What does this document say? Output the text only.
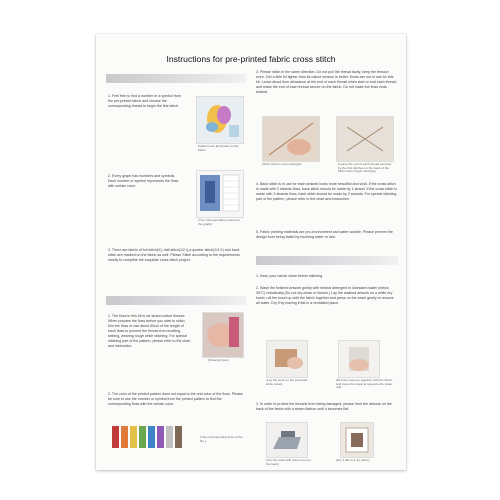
Instructions for pre-printed fabric cross stitch
1. Feel free to find a number or a symbol from the pre-printed fabric and choose the corresponding thread to begin the first stitch.
Patterns are all printed on the fabric
2. Every graph has numbers and symbols. Each number or symbol represents the floss with certain color.
(The corresponding symbol on the graph)
3. There are labels of full stitch(X), half stitch(1/2 /),a quarter stitch(1/4 X) and back stitch are marked on the fabric as well. Please Stitch according to the requirements strictly to complete the exquisite cross stitch project.
1. The floss in this kit is six strand cotton flosses. When prepare the floss before you start to stitch, fold the floss or use about 50cm of the length of each floss to prevent the thread from knotting, twining, wearing rough while stitching. For special stitching part of the pattern, please refer to the chart and instruction.
(Drawing floss)
2. The color of the printed pattern does not equal to the real color of the floss. Please be sure to use the number or symbol from the printed pattern to find the corresponding floss with the certain color.
(The corresponding floss of the No.)
3. Please stitch in the same direction. Do not pull the thread tautly, keep the tension even. Get a little bit tighter than its nature tension is better. Knots are not in use for this kit. Leave about 5cm allowance at the end of each thread when start or end each thread, and make the end of each thread secure on the fabric. Do not make the floss ends twisted.
(Work with an even strength)	(Leave the end of each thread secured by the first stitches on the back of the fabric when begin stitching)
4. Back stitch is in use for each artwork looks more beautiful and vivid. If the cross stitch is made with 2 strands floss, back stitch should be made by 1 strand. If the cross stitch is made with 3 strands floss, back stitch should be made by 2 strands. For special stitching part of the pattern, please refer to the chart and instruction.
5. Fabric printing materials are pro-environment and water soluble. Please prevent the design from being faded by touching water or rain.
1. Keep your hands clean before stitching.
2. Wash the finished artwork gently with neutral detergent in lukewarm water (below 30°C) individually.(Do not dry-clean or bleach.) Lay the washed artwork on a white dry towel, roll the towel up with the fabric together and press on the towel gently to remove all water. Dry it by leaving it flat in a ventilated place.
(Lay the work on the prepared white towel)
(Roll the towel up together with the fabric and press the towel to squeeze the water out)
3. In order to protect the threads from being damaged, please from the artwork on the back of the fabric with a steam flatiron until it becomes flat.
(Iron the work with steam iron on the back)
(Dry it flat in a dry place)
